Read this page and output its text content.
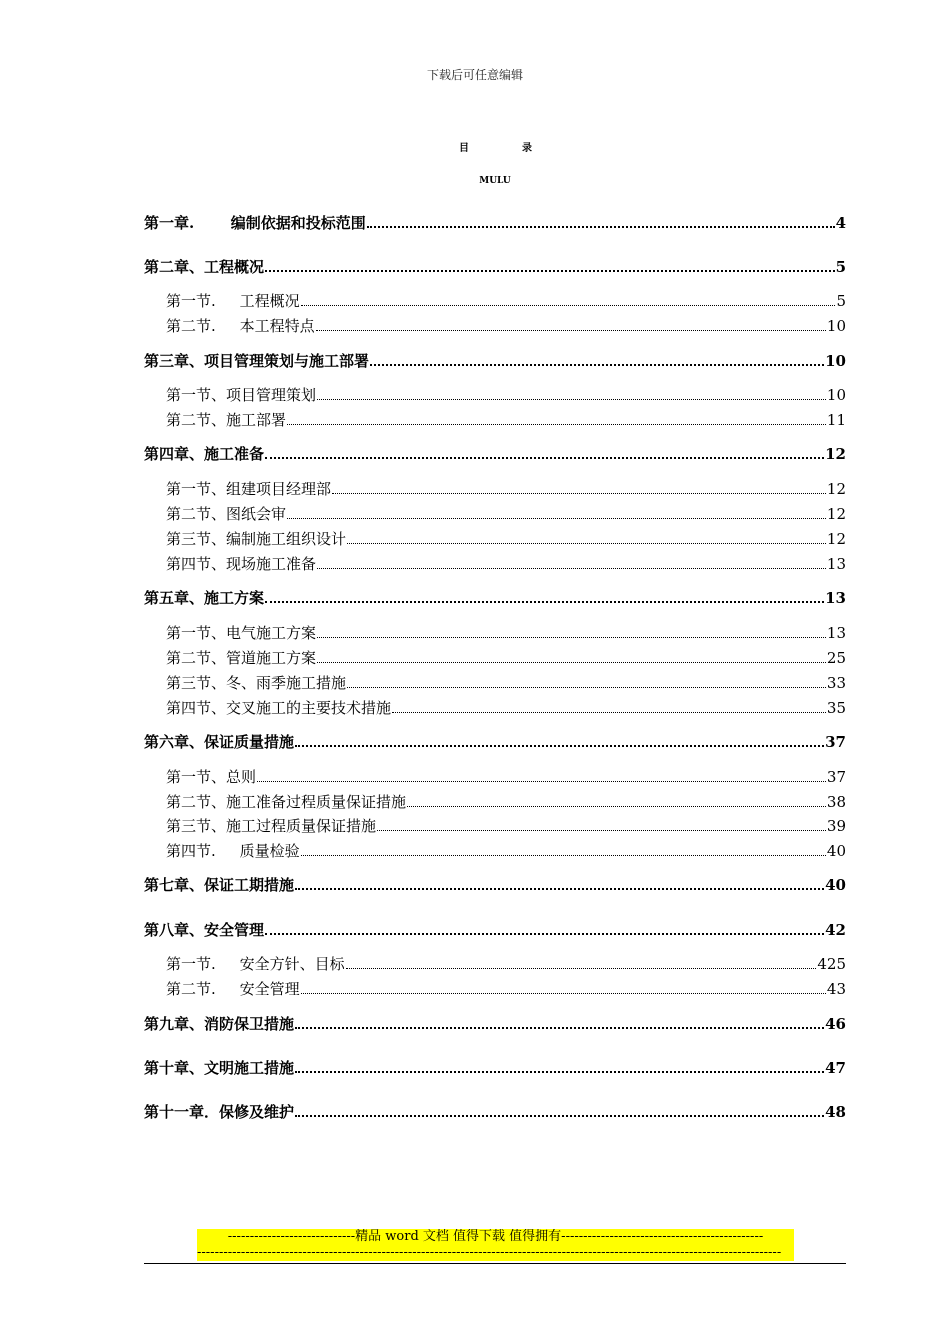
下载后可任意编辑
目	录
MULU
第一章.       编制依据和投标范围	4
第二章、工程概况	5
第一节.     工程概况	5
第二节.     本工程特点	10
第三章、项目管理策划与施工部署	10
第一节、项目管理策划	10
第二节、施工部署	11
第四章、施工准备	12
第一节、组建项目经理部	12
第二节、图纸会审	12
第三节、编制施工组织设计	12
第四节、现场施工准备	13
第五章、施工方案	13
第一节、电气施工方案	13
第二节、管道施工方案	25
第三节、冬、雨季施工措施	33
第四节、交叉施工的主要技术措施	35
第六章、保证质量措施	37
第一节、总则	37
第二节、施工准备过程质量保证措施	38
第三节、施工过程质量保证措施	39
第四节.     质量检验	40
第七章、保证工期措施	40
第八章、安全管理	42
第一节.     安全方针、目标	425
第二节.     安全管理	43
第九章、消防保卫措施	46
第十章、文明施工措施	47
第十一章．保修及维护	48
-----------------------------精品 word 文档 值得下载 值得拥有----------------------------------------------
-------------------------------------------------------------------------------------------------------------------------------------
